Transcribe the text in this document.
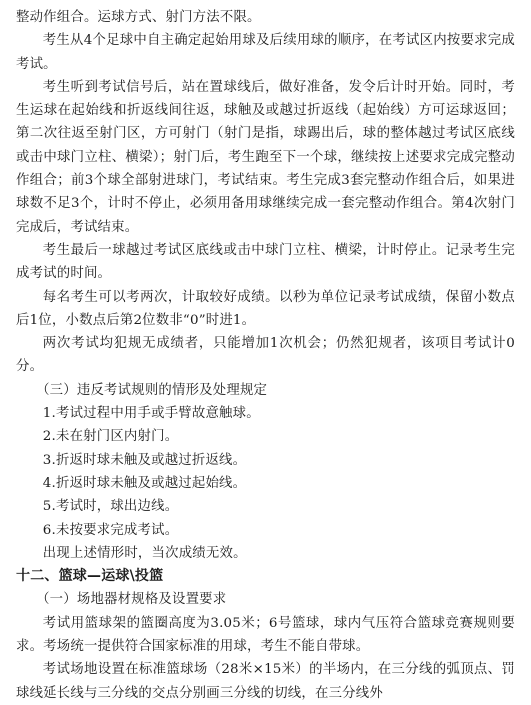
整动作组合。运球方式、射门方法不限。

考生从4个足球中自主确定起始用球及后续用球的顺序，在考试区内按要求完成考试。

考生听到考试信号后，站在置球线后，做好准备，发令后计时开始。同时，考生运球在起始线和折返线间往返，球触及或越过折返线（起始线）方可运球返回；第二次往返至射门区，方可射门（射门是指，球踢出后，球的整体越过考试区底线或击中球门立柱、横梁）；射门后，考生跑至下一个球，继续按上述要求完成完整动作组合；前3个球全部射进球门，考试结束。考生完成3套完整动作组合后，如果进球数不足3个，计时不停止，必须用备用球继续完成一套完整动作组合。第4次射门完成后，考试结束。

考生最后一球越过考试区底线或击中球门立柱、横梁，计时停止。记录考生完成考试的时间。

每名考生可以考两次，计取较好成绩。以秒为单位记录考试成绩，保留小数点后1位，小数点后第2位数非“0”时进1。

两次考试均犯规无成绩者，只能增加1次机会；仍然犯规者，该项目考试计0分。

（三）违反考试规则的情形及处理规定

1.考试过程中用手或手臂故意触球。

2.未在射门区内射门。

3.折返时球未触及或越过折返线。

4.折返时球未触及或越过起始线。

5.考试时，球出边线。

6.未按要求完成考试。

出现上述情形时，当次成绩无效。

十二、篮球—运球\投篮

（一）场地器材规格及设置要求

考试用篮球架的篮圈高度为3.05米；6号篮球，球内气压符合篮球竞赛规则要求。考场统一提供符合国家标准的用球，考生不能自带球。

考试场地设置在标准篮球场（28米×15米）的半场内，在三分线的弧顶点、罚球线延长线与三分线的交点分别画三分线的切线，在三分线外
